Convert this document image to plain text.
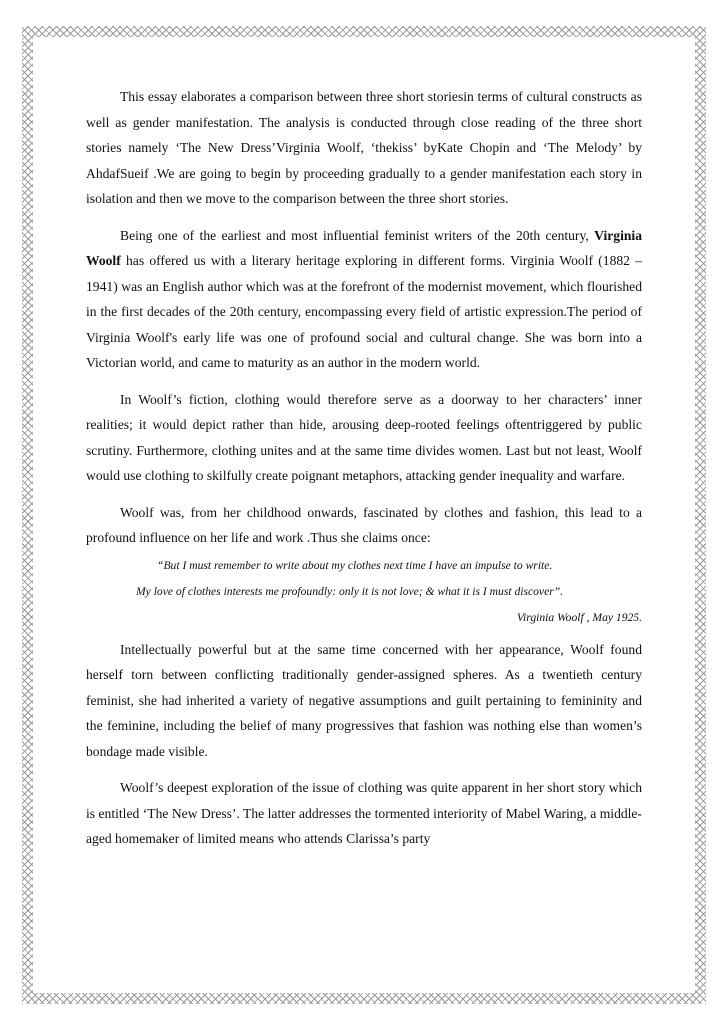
This essay elaborates a comparison between three short storiesin terms of cultural constructs as well as gender manifestation. The analysis is conducted through close reading of the three short stories namely ‘The New Dress’Virginia Woolf, ‘thekiss’ byKate Chopin and ‘The Melody’ by AhdafSueif .We are going to begin by proceeding gradually to a gender manifestation each story in isolation and then we move to the comparison between the three short stories.

Being one of the earliest and most influential feminist writers of the 20th century, Virginia Woolf has offered us with a literary heritage exploring in different forms. Virginia Woolf (1882 –1941) was an English author which was at the forefront of the modernist movement, which flourished in the first decades of the 20th century, encompassing every field of artistic expression.The period of Virginia Woolf's early life was one of profound social and cultural change. She was born into a Victorian world, and came to maturity as an author in the modern world.

In Woolf’s fiction, clothing would therefore serve as a doorway to her characters’ inner realities; it would depict rather than hide, arousing deep-rooted feelings oftentriggered by public scrutiny. Furthermore, clothing unites and at the same time divides women. Last but not least, Woolf would use clothing to skilfully create poignant metaphors, attacking gender inequality and warfare.

Woolf was, from her childhood onwards, fascinated by clothes and fashion, this lead to a profound influence on her life and work .Thus she claims once:

“But I must remember to write about my clothes next time I have an impulse to write.
My love of clothes interests me profoundly: only it is not love; & what it is I must discover”.
Virginia Woolf , May 1925.

Intellectually powerful but at the same time concerned with her appearance, Woolf found herself torn between conflicting traditionally gender-assigned spheres. As a twentieth century feminist, she had inherited a variety of negative assumptions and guilt pertaining to femininity and the feminine, including the belief of many progressives that fashion was nothing else than women’s bondage made visible.

Woolf’s deepest exploration of the issue of clothing was quite apparent in her short story which is entitled ‘The New Dress’. The latter addresses the tormented interiority of Mabel Waring, a middle-aged homemaker of limited means who attends Clarissa’s party
